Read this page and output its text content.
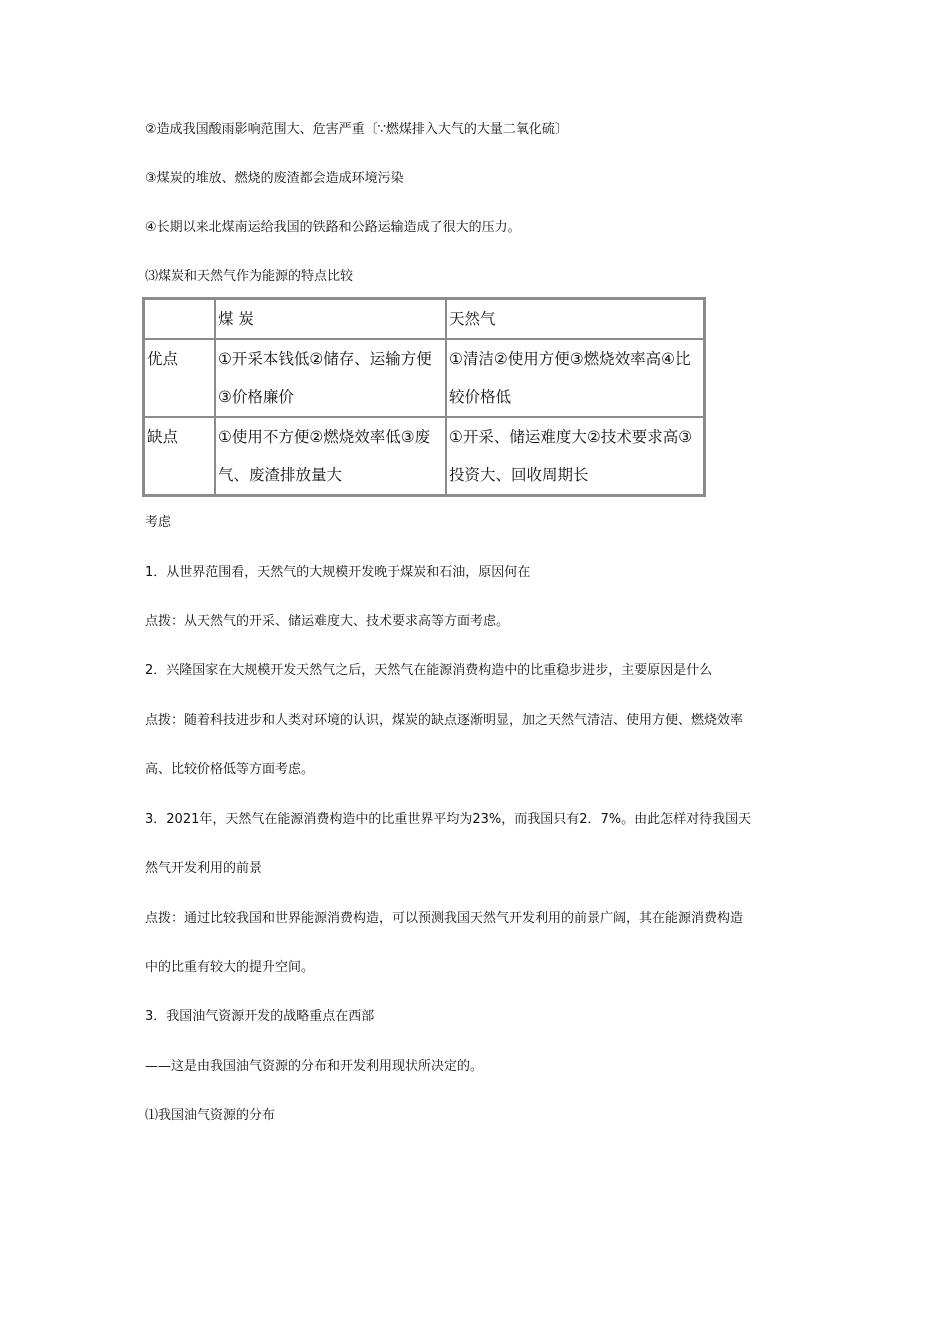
②造成我国酸雨影响范围大、危害严重〔∵燃煤排入大气的大量二氧化硫〕
③煤炭的堆放、燃烧的废渣都会造成环境污染
④长期以来北煤南运给我国的铁路和公路运输造成了很大的压力。
⑶煤炭和天然气作为能源的特点比较
	煤 炭	天然气
优点	①开采本钱低②储存、运输方便③价格廉价	①清洁②使用方便③燃烧效率高④比较价格低
缺点	①使用不方便②燃烧效率低③废气、废渣排放量大	①开采、储运难度大②技术要求高③投资大、回收周期长
考虑
1．从世界范围看，天然气的大规模开发晚于煤炭和石油，原因何在
点拨：从天然气的开采、储运难度大、技术要求高等方面考虑。
2．兴隆国家在大规模开发天然气之后，天然气在能源消费构造中的比重稳步进步，主要原因是什么
点拨：随着科技进步和人类对环境的认识，煤炭的缺点逐渐明显，加之天然气清洁、使用方便、燃烧效率
高、比较价格低等方面考虑。
3．2021年，天然气在能源消费构造中的比重世界平均为23%，而我国只有2．7%。由此怎样对待我国天
然气开发利用的前景
点拨：通过比较我国和世界能源消费构造，可以预测我国天然气开发利用的前景广阔，其在能源消费构造
中的比重有较大的提升空间。
3．我国油气资源开发的战略重点在西部
——这是由我国油气资源的分布和开发利用现状所决定的。
⑴我国油气资源的分布
